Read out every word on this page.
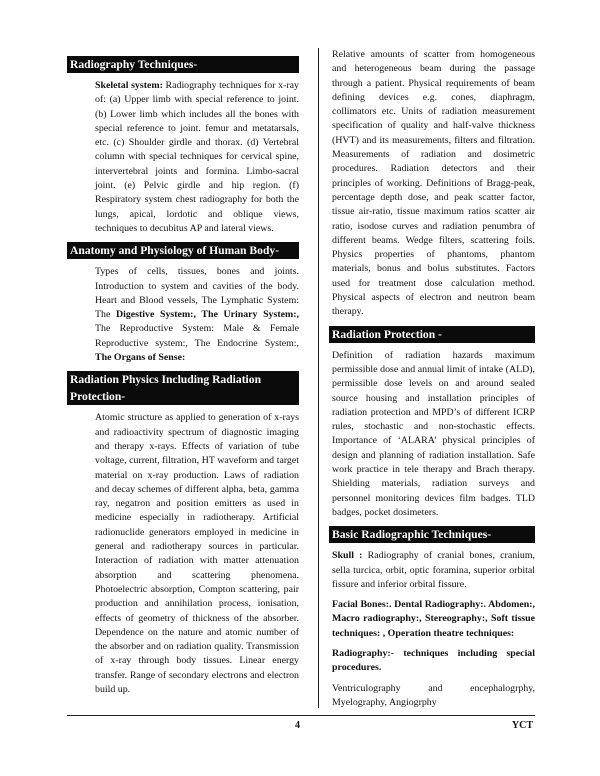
Radiography Techniques-

Skeletal system: Radiography techniques for x-ray of: (a) Upper limb with special reference to joint. (b) Lower limb which includes all the bones with special reference to joint. femur and metatarsals, etc. (c) Shoulder girdle and thorax. (d) Vertebral column with special techniques for cervical spine, intervertebral joints and formina. Limbo-sacral joint. (e) Pelvic girdle and hip region. (f) Respiratory system chest radiography for both the lungs, apical, lordotic and oblique views, techniques to decubitus AP and lateral views.

Anatomy and Physiology of Human Body-

Types of cells, tissues, bones and joints. Introduction to system and cavities of the body. Heart and Blood vessels, The Lymphatic System: The Digestive System:, The Urinary System:, The Reproductive System: Male & Female Reproductive system:, The Endocrine System:, The Organs of Sense:

Radiation Physics Including Radiation Protection-

Atomic structure as applied to generation of x-rays and radioactivity spectrum of diagnostic imaging and therapy x-rays. Effects of variation of tube voltage, current, filtration, HT waveform and target material on x-ray production. Laws of radiation and decay schemes of different alpha, beta, gamma ray, negatron and position emitters as used in medicine especially in radiotherapy. Artificial radionuclide generators employed in medicine in general and radiotherapy sources in particular. Interaction of radiation with matter attenuation absorption and scattering phenomena. Photoelectric absorption, Compton scattering, pair production and annihilation process, ionisation, effects of geometry of thickness of the absorber. Dependence on the nature and atomic number of the absorber and on radiation quality. Transmission of x-ray through body tissues. Linear energy transfer. Range of secondary electrons and electron build up.

Relative amounts of scatter from homogeneous and heterogeneous beam during the passage through a patient. Physical requirements of beam defining devices e.g. cones, diaphragm, collimators etc. Units of radiation measurement specification of quality and half-valve thickness (HVT) and its measurements, filters and filtration. Measurements of radiation and dosimetric procedures. Radiation detectors and their principles of working. Definitions of Bragg-peak, percentage depth dose, and peak scatter factor, tissue air-ratio, tissue maximum ratios scatter air ratio, isodose curves and radiation penumbra of different beams. Wedge filters, scattering foils. Physics properties of phantoms, phantom materials, bonus and bolus substitutes. Factors used for treatment dose calculation method. Physical aspects of electron and neutron beam therapy.

Radiation Protection -

Definition of radiation hazards maximum permissible dose and annual limit of intake (ALD), permissible dose levels on and around sealed source housing and installation principles of radiation protection and MPD’s of different ICRP rules, stochastic and non-stochastic effects. Importance of ‘ALARA’ physical principles of design and planning of radiation installation. Safe work practice in tele therapy and Brach therapy. Shielding materials, radiation surveys and personnel monitoring devices film badges. TLD badges, pocket dosimeters.

Basic Radiographic Techniques-

Skull : Radiography of cranial bones, cranium, sella turcica, orbit, optic foramina, superior orbital fissure and inferior orbital fissure.

Facial Bones:. Dental Radiography:. Abdomen:, Macro radiography:, Stereography:, Soft tissue techniques: , Operation theatre techniques:

Radiography:- techniques including special procedures.

Ventriculography and encephalogrphy, Myelography, Angiogrphy

4	YCT
